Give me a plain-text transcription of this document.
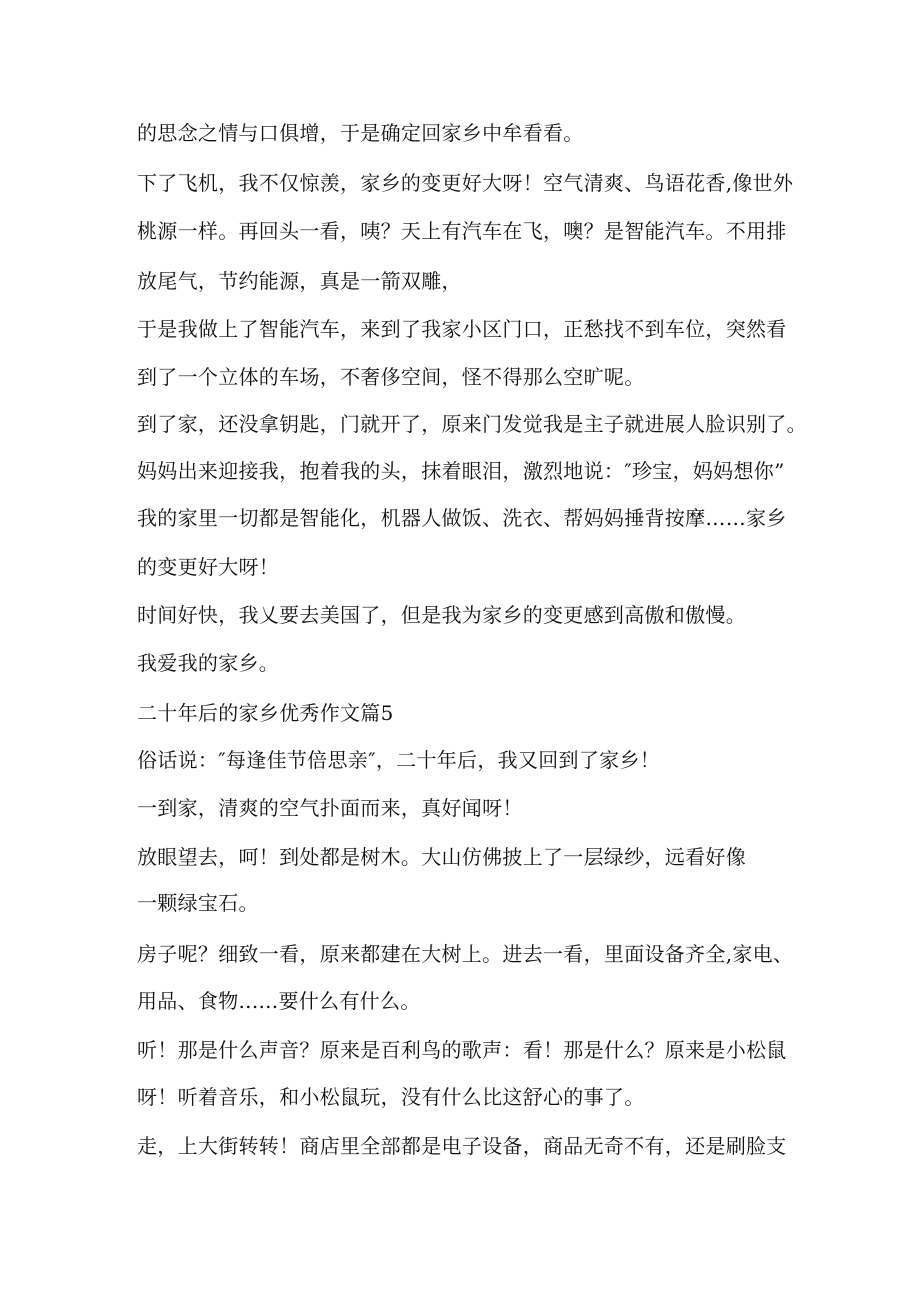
的思念之情与口俱增，于是确定回家乡中牟看看。

下了飞机，我不仅惊羡，家乡的变更好大呀！空气清爽、鸟语花香,像世外

桃源一样。再回头一看，咦？天上有汽车在飞，噢？是智能汽车。不用排

放尾气，节约能源，真是一箭双雕，

于是我做上了智能汽车，来到了我家小区门口，正愁找不到车位，突然看

到了一个立体的车场，不奢侈空间，怪不得那么空旷呢。

到了家，还没拿钥匙，门就开了，原来门发觉我是主子就进展人脸识别了。

妈妈出来迎接我，抱着我的头，抹着眼泪，激烈地说：″珍宝，妈妈想你”

我的家里一切都是智能化，机器人做饭、洗衣、帮妈妈捶背按摩……家乡

的变更好大呀！

时间好快，我乂要去美国了，但是我为家乡的变更感到高傲和傲慢。

我爱我的家乡。

二十年后的家乡优秀作文篇5

俗话说：″每逢佳节倍思亲″，二十年后，我又回到了家乡！

一到家，清爽的空气扑面而来，真好闻呀！

放眼望去，呵！到处都是树木。大山仿佛披上了一层绿纱，远看好像

一颗绿宝石。

房子呢？细致一看，原来都建在大树上。进去一看，里面设备齐全,家电、

用品、食物......要什么有什么。

听！那是什么声音？原来是百利鸟的歌声：看！那是什么？原来是小松鼠

呀！听着音乐，和小松鼠玩，没有什么比这舒心的事了。

走，上大街转转！商店里全部都是电子设备，商品无奇不有，还是刷脸支
